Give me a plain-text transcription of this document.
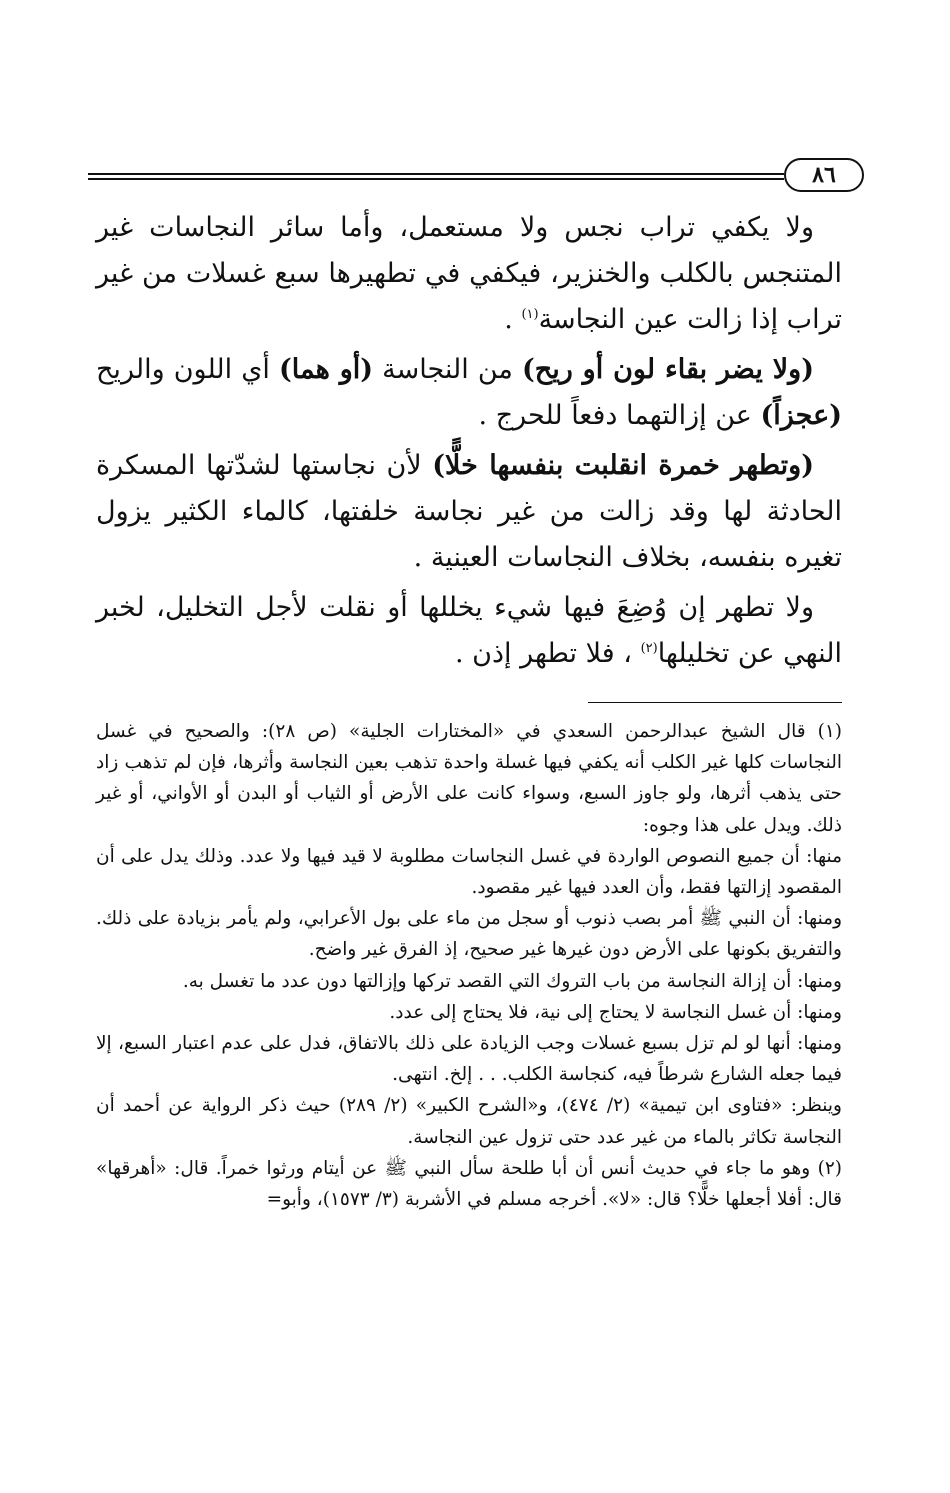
٨٦

ولا يكفي تراب نجس ولا مستعمل، وأما سائر النجاسات غير المتنجس بالكلب والخنزير، فيكفي في تطهيرها سبع غسلات من غير تراب إذا زالت عين النجاسة$^{(١)}$ .

(ولا يضر بقاء لون أو ريح) من النجاسة (أو هما) أي اللون والريح (عجزاً) عن إزالتهما دفعاً للحرج .

(وتطهر خمرة انقلبت بنفسها خلًّا) لأن نجاستها لشدّتها المسكرة الحادثة لها وقد زالت من غير نجاسة خلفتها، كالماء الكثير يزول تغيره بنفسه، بخلاف النجاسات العينية .

ولا تطهر إن وُضِعَ فيها شيء يخللها أو نقلت لأجل التخليل، لخبر النهي عن تخليلها$^{(٢)}$ ، فلا تطهر إذن .

(١) قال الشيخ عبدالرحمن السعدي في «المختارات الجلية» (ص ٢٨): والصحيح في غسل النجاسات كلها غير الكلب أنه يكفي فيها غسلة واحدة تذهب بعين النجاسة وأثرها، فإن لم تذهب زاد حتى يذهب أثرها، ولو جاوز السبع، وسواء كانت على الأرض أو الثياب أو البدن أو الأواني، أو غير ذلك. ويدل على هذا وجوه:

منها: أن جميع النصوص الواردة في غسل النجاسات مطلوبة لا قيد فيها ولا عدد. وذلك يدل على أن المقصود إزالتها فقط، وأن العدد فيها غير مقصود.

ومنها: أن النبي ﷺ أمر بصب ذنوب أو سجل من ماء على بول الأعرابي، ولم يأمر بزيادة على ذلك. والتفريق بكونها على الأرض دون غيرها غير صحيح، إذ الفرق غير واضح.

ومنها: أن إزالة النجاسة من باب التروك التي القصد تركها وإزالتها دون عدد ما تغسل به.

ومنها: أن غسل النجاسة لا يحتاج إلى نية، فلا يحتاج إلى عدد.

ومنها: أنها لو لم تزل بسبع غسلات وجب الزيادة على ذلك بالاتفاق، فدل على عدم اعتبار السبع، إلا فيما جعله الشارع شرطاً فيه، كنجاسة الكلب. . . إلخ. انتهى.

وينظر: «فتاوى ابن تيمية» (٢/ ٤٧٤)، و«الشرح الكبير» (٢/ ٢٨٩) حيث ذكر الرواية عن أحمد أن النجاسة تكاثر بالماء من غير عدد حتى تزول عين النجاسة.

(٢) وهو ما جاء في حديث أنس أن أبا طلحة سأل النبي ﷺ عن أيتام ورثوا خمراً. قال: «أهرقها» قال: أفلا أجعلها خلًّا؟ قال: «لا». أخرجه مسلم في الأشربة (٣/ ١٥٧٣)، وأبو=
